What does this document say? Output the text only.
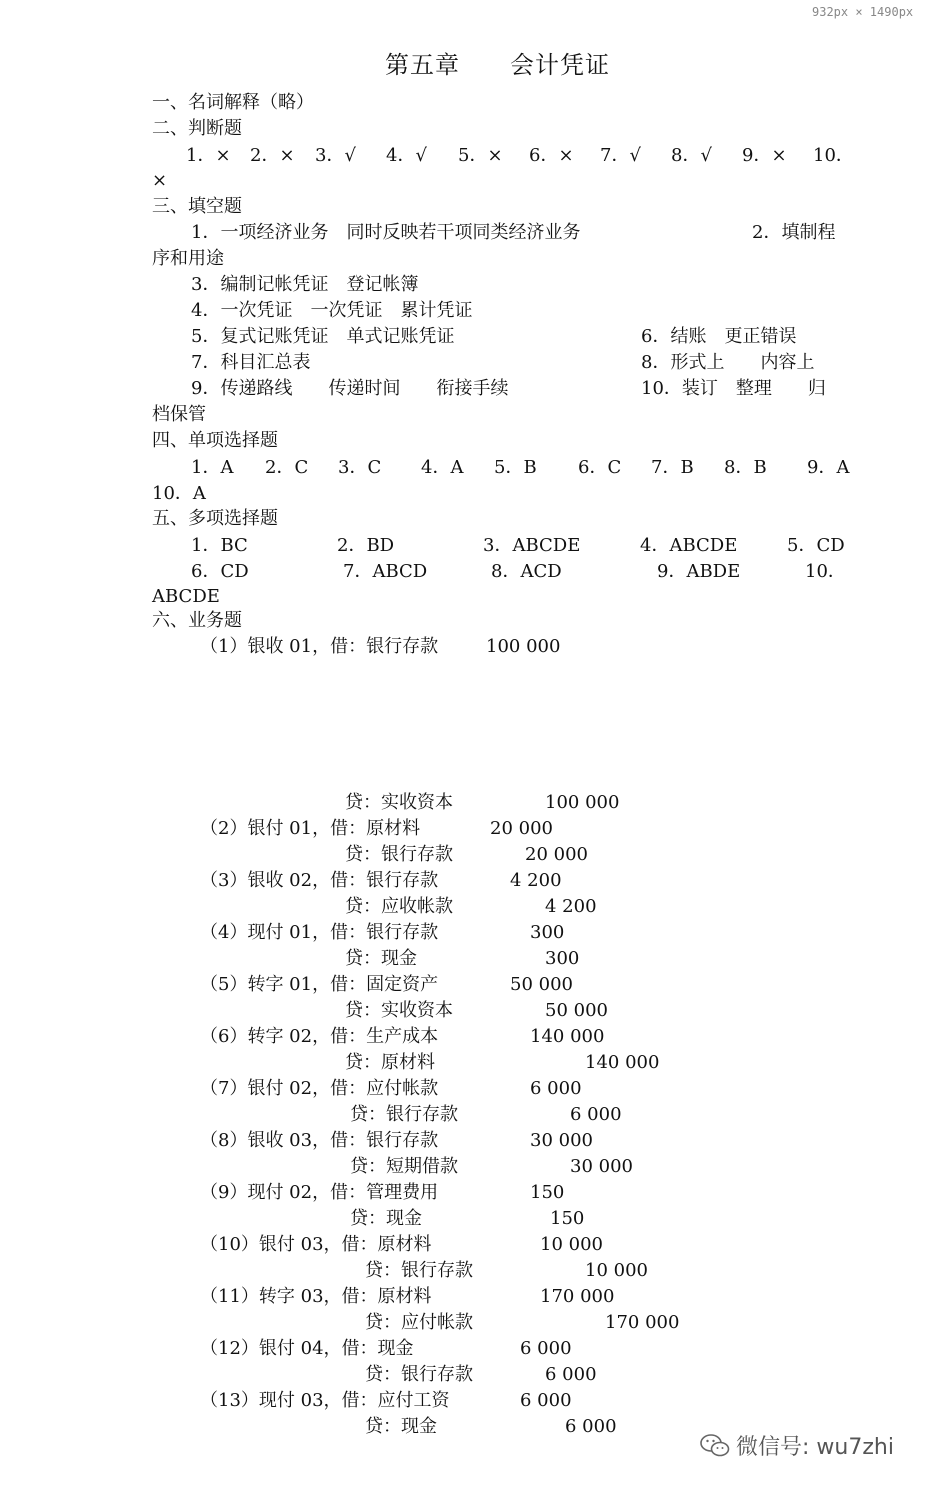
932px × 1490px
第五章　　会计凭证
一、名词解释（略）
二、判断题
1．× 2．× 3．√ 4．√ 5．× 6．× 7．√ 8．√ 9．× 10．
×
三、填空题
1．一项经济业务　同时反映若干项同类经济业务	2．填制程
序和用途
3．编制记帐凭证　登记帐簿
4．一次凭证　一次凭证　累计凭证
5．复式记账凭证　单式记账凭证	6．结账　更正错误
7．科目汇总表	8．形式上　　内容上
9．传递路线　　传递时间　　衔接手续	10．装订　整理　　归
档保管
四、单项选择题
1．A 2．C 3．C 4．A 5．B 6．C 7．B 8．B 9．A
10．A
五、多项选择题
1．BC	2．BD	3．ABCDE	4．ABCDE	5．CD
6．CD	7．ABCD	8．ACD	9．ABDE	10．
ABCDE
六、业务题
（1）银收 01，借：银行存款	100 000
贷：实收资本	100 000
（2）银付 01，借：原材料	20 000
贷：银行存款	20 000
（3）银收 02，借：银行存款	4 200
贷：应收帐款	4 200
（4）现付 01，借：银行存款	300
贷：现金	300
（5）转字 01，借：固定资产	50 000
贷：实收资本	50 000
（6）转字 02，借：生产成本	140 000
贷：原材料	140 000
（7）银付 02，借：应付帐款	6 000
贷：银行存款	6 000
（8）银收 03，借：银行存款	30 000
贷：短期借款	30 000
（9）现付 02，借：管理费用	150
贷：现金	150
（10）银付 03，借：原材料	10 000
贷：银行存款	10 000
（11）转字 03，借：原材料	170 000
贷：应付帐款	170 000
（12）银付 04，借：现金	6 000
贷：银行存款	6 000
（13）现付 03，借：应付工资	6 000
贷：现金	6 000
微信号: wu7zhi
